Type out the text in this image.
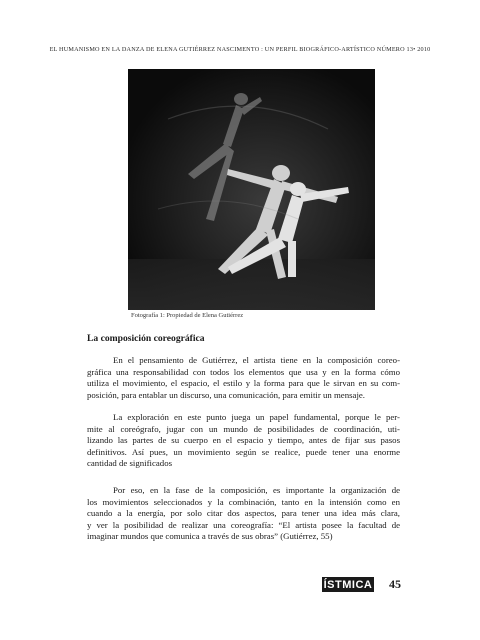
EL HUMANISMO EN LA DANZA DE ELENA GUTIÉRREZ NASCIMENTO : UN PERFIL BIOGRÁFICO-ARTÍSTICO NÚMERO 13• 2010
Fotografía 1: Propiedad de Elena Gutiérrez
La composición coreográfica

En el pensamiento de Gutiérrez, el artista tiene en la composición coreo-
gráfica una responsabilidad con todos los elementos que usa y en la forma cómo
utiliza el movimiento, el espacio, el estilo y la forma para que le sirvan en su com-
posición, para entablar un discurso, una comunicación, para emitir un mensaje.

La exploración en este punto juega un papel fundamental, porque le per-
mite al coreógrafo, jugar con un mundo de posibilidades de coordinación, uti-
lizando las partes de su cuerpo en el espacio y tiempo, antes de fijar sus pasos
definitivos. Así pues, un movimiento según se realice, puede tener una enorme
cantidad de significados

Por eso, en la fase de la composición, es importante la organización de
los movimientos seleccionados y la combinación, tanto en la intensión como en
cuando a la energía, por solo citar dos aspectos, para tener una idea más clara,
y ver la posibilidad de realizar una coreografía: “El artista posee la facultad de
imaginar mundos que comunica a través de sus obras” (Gutiérrez, 55)

ÍSTMICA 45
